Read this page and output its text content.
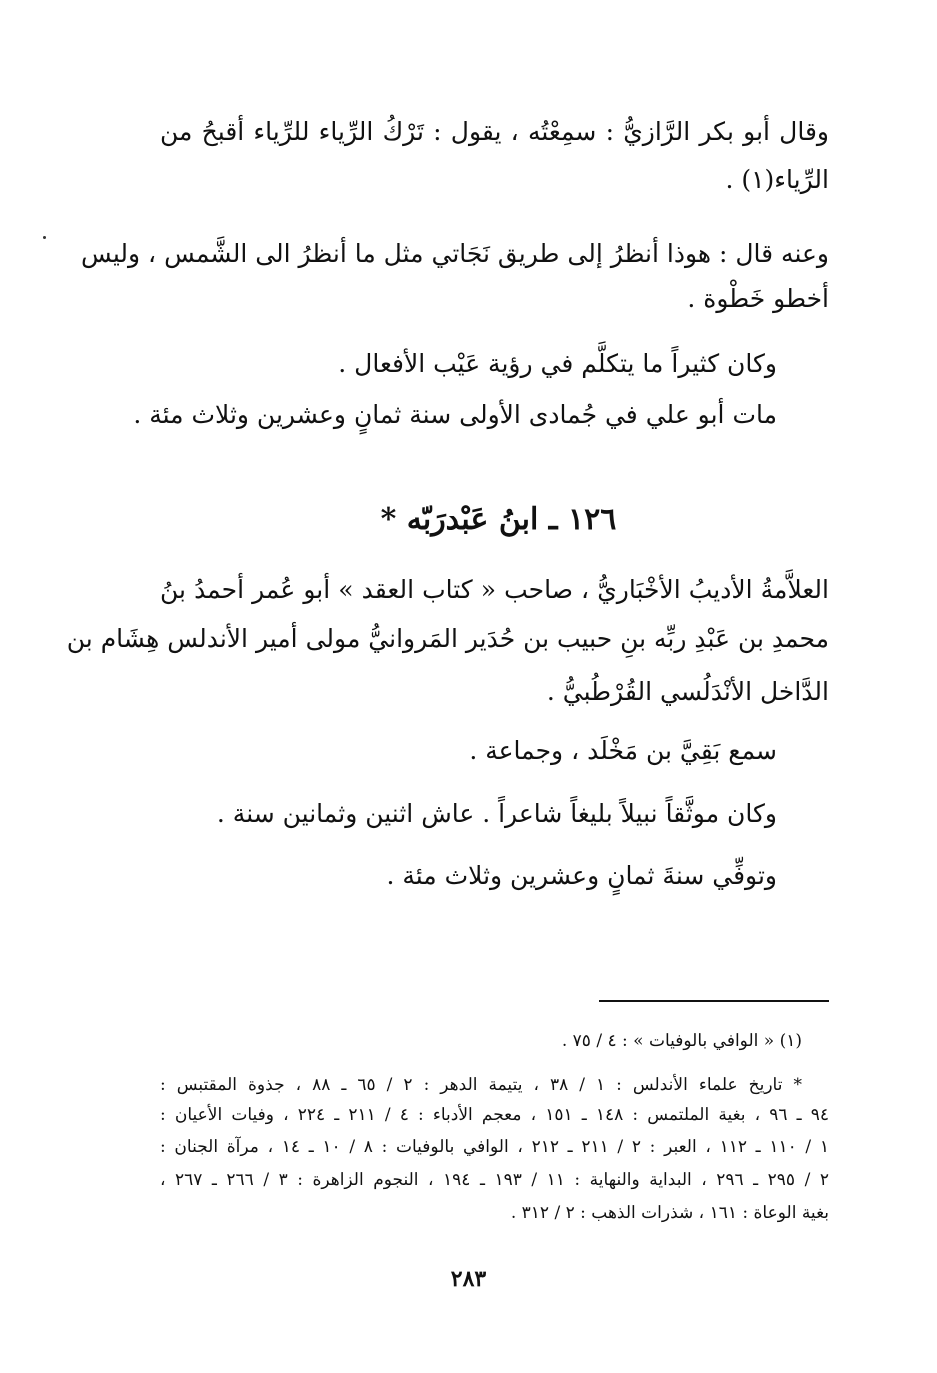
وقال أبو بكر الرَّازيُّ : سمِعْتُه ، يقول : تَرْكُ الرِّياء للرِّياء أقبحُ من
الرِّياء(١) .
وعنه قال : هوذا أنظرُ إلى طريق نَجَاتي مثل ما أنظرُ الى الشَّمس ، وليس
أخطو خَطْوة .
وكان كثيراً ما يتكلَّم في رؤية عَيْب الأفعال .
مات أبو علي في جُمادى الأولى سنة ثمانٍ وعشرين وثلاث مئة .
١٢٦ ـ ابنُ عَبْدرَبّه *
العلاَّمةُ الأديبُ الأخْبَاريُّ ، صاحب « كتاب العقد » أبو عُمر أحمدُ بنُ
محمدِ بن عَبْدِ ربِّه بنِ حبيب بن حُدَير المَروانيُّ مولى أمير الأندلس هِشَام بن
الدَّاخل الأنْدَلُسي القُرْطُبيُّ .
سمع بَقِيَّ بن مَخْلَد ، وجماعة .
وكان موثَّقاً نبيلاً بليغاً شاعراً . عاش اثنين وثمانين سنة .
وتوفِّي سنةَ ثمانٍ وعشرين وثلاث مئة .
(١) « الوافي بالوفيات » : ٤ / ٧٥ .
* تاريخ علماء الأندلس : ١ / ٣٨ ، يتيمة الدهر : ٢ / ٦٥ ـ ٨٨ ، جذوة المقتبس :
٩٤ ـ ٩٦ ، بغية الملتمس : ١٤٨ ـ ١٥١ ، معجم الأدباء : ٤ / ٢١١ ـ ٢٢٤ ، وفيات الأعيان :
١ / ١١٠ ـ ١١٢ ، العبر : ٢ / ٢١١ ـ ٢١٢ ، الوافي بالوفيات : ٨ / ١٠ ـ ١٤ ، مرآة الجنان :
٢ / ٢٩٥ ـ ٢٩٦ ، البداية والنهاية : ١١ / ١٩٣ ـ ١٩٤ ، النجوم الزاهرة : ٣ / ٢٦٦ ـ ٢٦٧ ،
بغية الوعاة : ١٦١ ، شذرات الذهب : ٢ / ٣١٢ .
٢٨٣
